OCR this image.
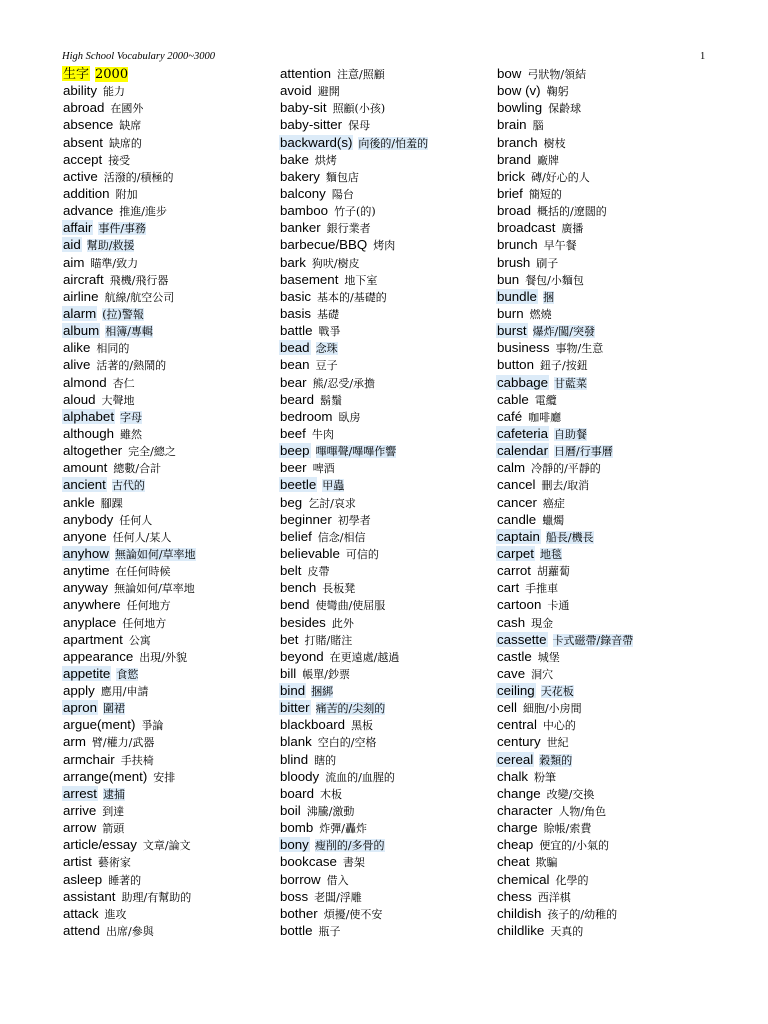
High School Vocabulary 2000~3000	1
生字 2000
ability 能力
abroad 在國外
absence 缺席
absent 缺席的
accept 接受
active 活潑的/積極的
addition 附加
advance 推進/進步
affair 事件/事務
aid 幫助/救援
aim 瞄準/致力
aircraft 飛機/飛行器
airline 航線/航空公司
alarm (拉)警報
album 相簿/專輯
alike 相同的
alive 活著的/熱鬧的
almond 杏仁
aloud 大聲地
alphabet 字母
although 雖然
altogether 完全/總之
amount 總數/合計
ancient 古代的
ankle 腳踝
anybody 任何人
anyone 任何人/某人
anyhow 無論如何/草率地
anytime 在任何時候
anyway 無論如何/草率地
anywhere 任何地方
anyplace 任何地方
apartment 公寓
appearance 出現/外貌
appetite 食慾
apply 應用/申請
apron 圍裙
argue(ment) 爭論
arm 臂/權力/武器
armchair 手扶椅
arrange(ment) 安排
arrest 逮捕
arrive 到達
arrow 箭頭
article/essay 文章/論文
artist 藝術家
asleep 睡著的
assistant 助理/有幫助的
attack 進攻
attend 出席/參與
attention 注意/照顧
avoid 避開
baby-sit 照顧(小孩)
baby-sitter 保母
backward(s) 向後的/怕羞的
bake 烘烤
bakery 麵包店
balcony 陽台
bamboo 竹子(的)
banker 銀行業者
barbecue/BBQ 烤肉
bark 狗吠/樹皮
basement 地下室
basic 基本的/基礎的
basis 基礎
battle 戰爭
bead 念珠
bean 豆子
bear 熊/忍受/承擔
beard 鬍鬚
bedroom 臥房
beef 牛肉
beep 嗶嗶聲/嗶嗶作響
beer 啤酒
beetle 甲蟲
beg 乞討/哀求
beginner 初學者
belief 信念/相信
believable 可信的
belt 皮帶
bench 長板凳
bend 使彎曲/使屈服
besides 此外
bet 打賭/賭注
beyond 在更遠處/越過
bill 帳單/鈔票
bind 捆綁
bitter 痛苦的/尖刻的
blackboard 黑板
blank 空白的/空格
blind 瞎的
bloody 流血的/血腥的
board 木板
boil 沸騰/激動
bomb 炸彈/轟炸
bony 瘦削的/多骨的
bookcase 書架
borrow 借入
boss 老闆/浮雕
bother 煩擾/使不安
bottle 瓶子
bow 弓狀物/領結
bow (v) 鞠躬
bowling 保齡球
brain 腦
branch 樹枝
brand 廠牌
brick 磚/好心的人
brief 簡短的
broad 概括的/遼闊的
broadcast 廣播
brunch 早午餐
brush 刷子
bun 餐包/小麵包
bundle 捆
burn 燃燒
burst 爆炸/闖/突發
business 事物/生意
button 鈕子/按鈕
cabbage 甘藍菜
cable 電纜
café 咖啡廳
cafeteria 自助餐
calendar 日曆/行事曆
calm 冷靜的/平靜的
cancel 刪去/取消
cancer 癌症
candle 蠟燭
captain 船長/機長
carpet 地毯
carrot 胡蘿蔔
cart 手推車
cartoon 卡通
cash 現金
cassette 卡式磁帶/錄音帶
castle 城堡
cave 洞穴
ceiling 天花板
cell 細胞/小房間
central 中心的
century 世紀
cereal 穀類的
chalk 粉筆
change 改變/交換
character 人物/角色
charge 賒帳/索費
cheap 便宜的/小氣的
cheat 欺騙
chemical 化學的
chess 西洋棋
childish 孩子的/幼稚的
childlike 天真的
